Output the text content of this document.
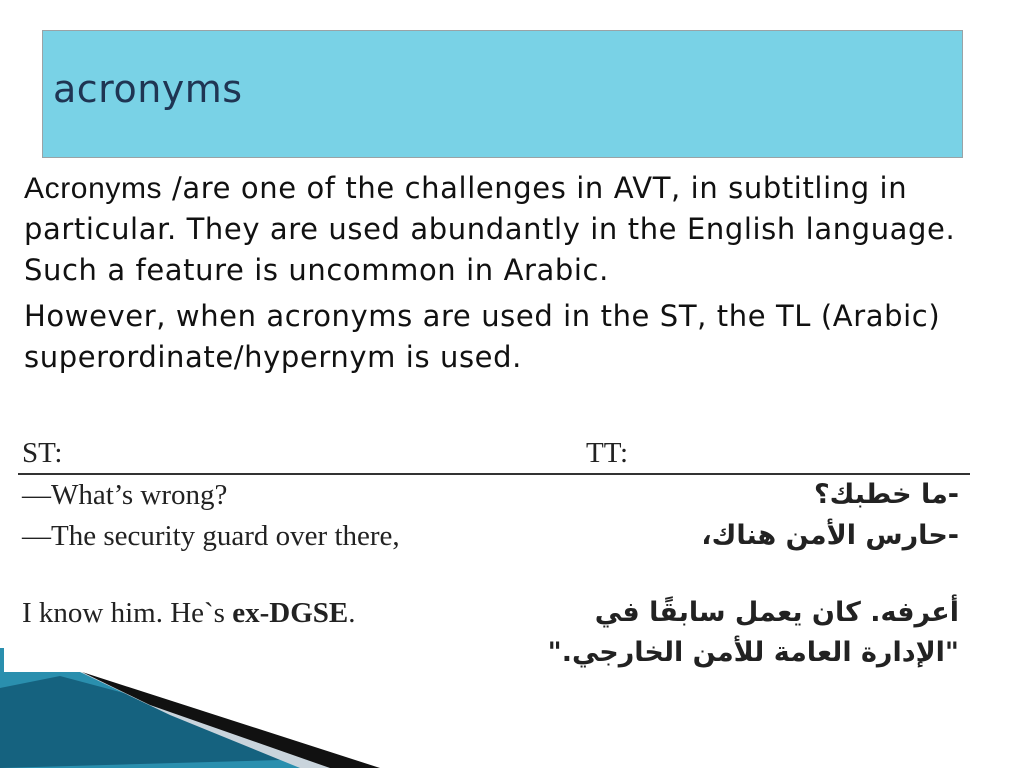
acronyms

Acronyms /are one of the challenges in AVT, in subtitling in particular. They are used abundantly in the English language. Such a feature is uncommon in Arabic.

However, when acronyms are used in the ST, the TL (Arabic) superordinate/hypernym is used.

ST:	TT:
—What’s wrong?
—The security guard over there,
I know him. He`s ex-DGSE.
-ما خطبك؟
-حارس الأمن هناك،
أعرفه. كان يعمل سابقًا في
"الإدارة العامة للأمن الخارجي."
